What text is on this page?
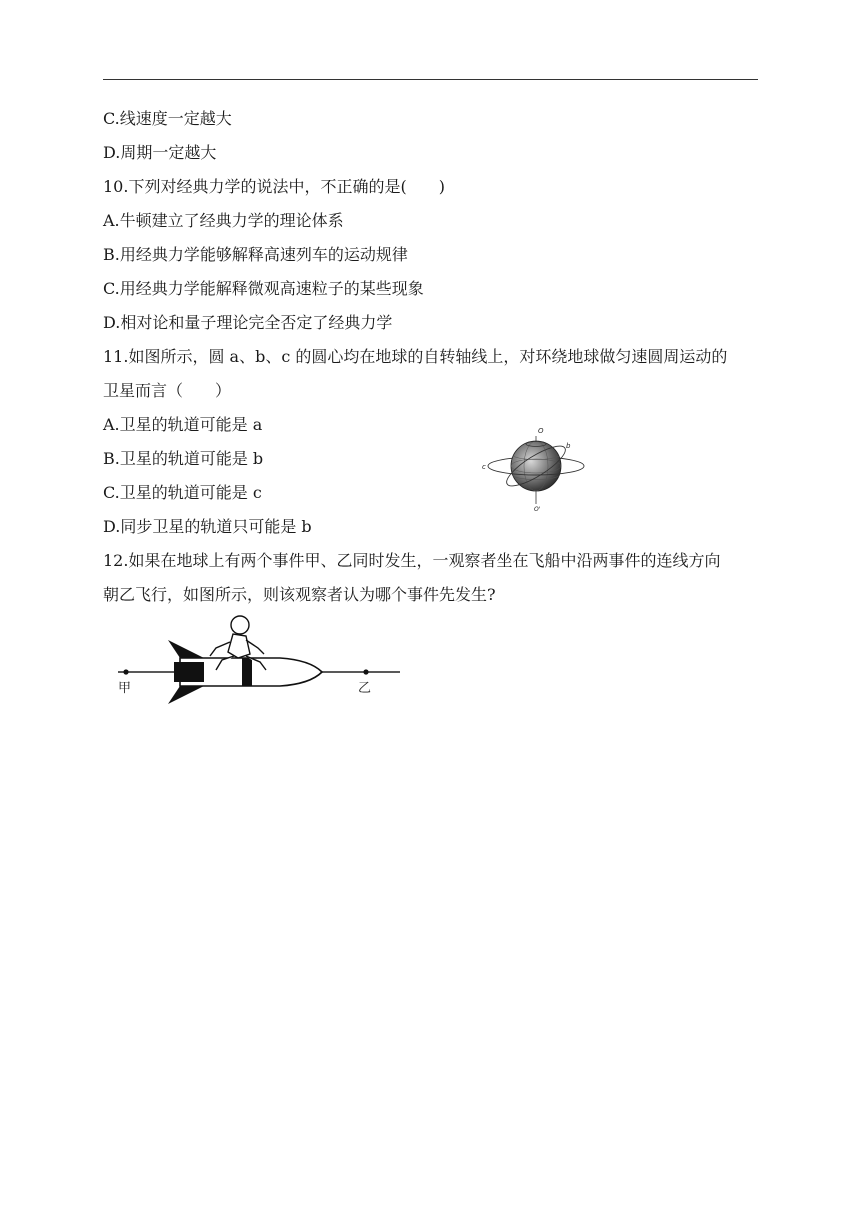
C.线速度一定越大
D.周期一定越大
10.下列对经典力学的说法中，不正确的是(　　)
A.牛顿建立了经典力学的理论体系
B.用经典力学能够解释高速列车的运动规律
C.用经典力学能解释微观高速粒子的某些现象
D.相对论和量子理论完全否定了经典力学
11.如图所示，圆 a、b、c 的圆心均在地球的自转轴线上，对环绕地球做匀速圆周运动的
卫星而言（　　）
A.卫星的轨道可能是 a
B.卫星的轨道可能是 b
C.卫星的轨道可能是 c
D.同步卫星的轨道只可能是 b
12.如果在地球上有两个事件甲、乙同时发生，一观察者坐在飞船中沿两事件的连线方向
朝乙飞行，如图所示，则该观察者认为哪个事件先发生?
O
b
c
O'
甲	乙
